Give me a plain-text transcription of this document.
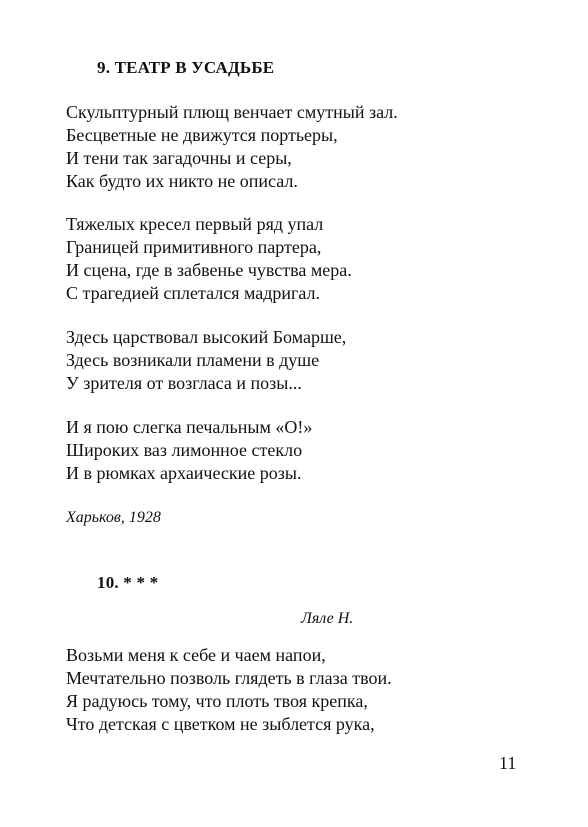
9. ТЕАТР В УСАДЬБЕ
Скульптурный плющ венчает смутный зал.
Бесцветные не движутся портьеры,
И тени так загадочны и серы,
Как будто их никто не описал.
Тяжелых кресел первый ряд упал
Границей примитивного партера,
И сцена, где в забвенье чувства мера.
С трагедией сплетался мадригал.
Здесь царствовал высокий Бомарше,
Здесь возникали пламени в душе
У зрителя от возгласа и позы...
И я пою слегка печальным «О!»
Широких ваз лимонное стекло
И в рюмках архаические розы.
Харьков, 1928
10. * * *
Ляле Н.
Возьми меня к себе и чаем напои,
Мечтательно позволь глядеть в глаза твои.
Я радуюсь тому, что плоть твоя крепка,
Что детская с цветком не зыблется рука,
11
